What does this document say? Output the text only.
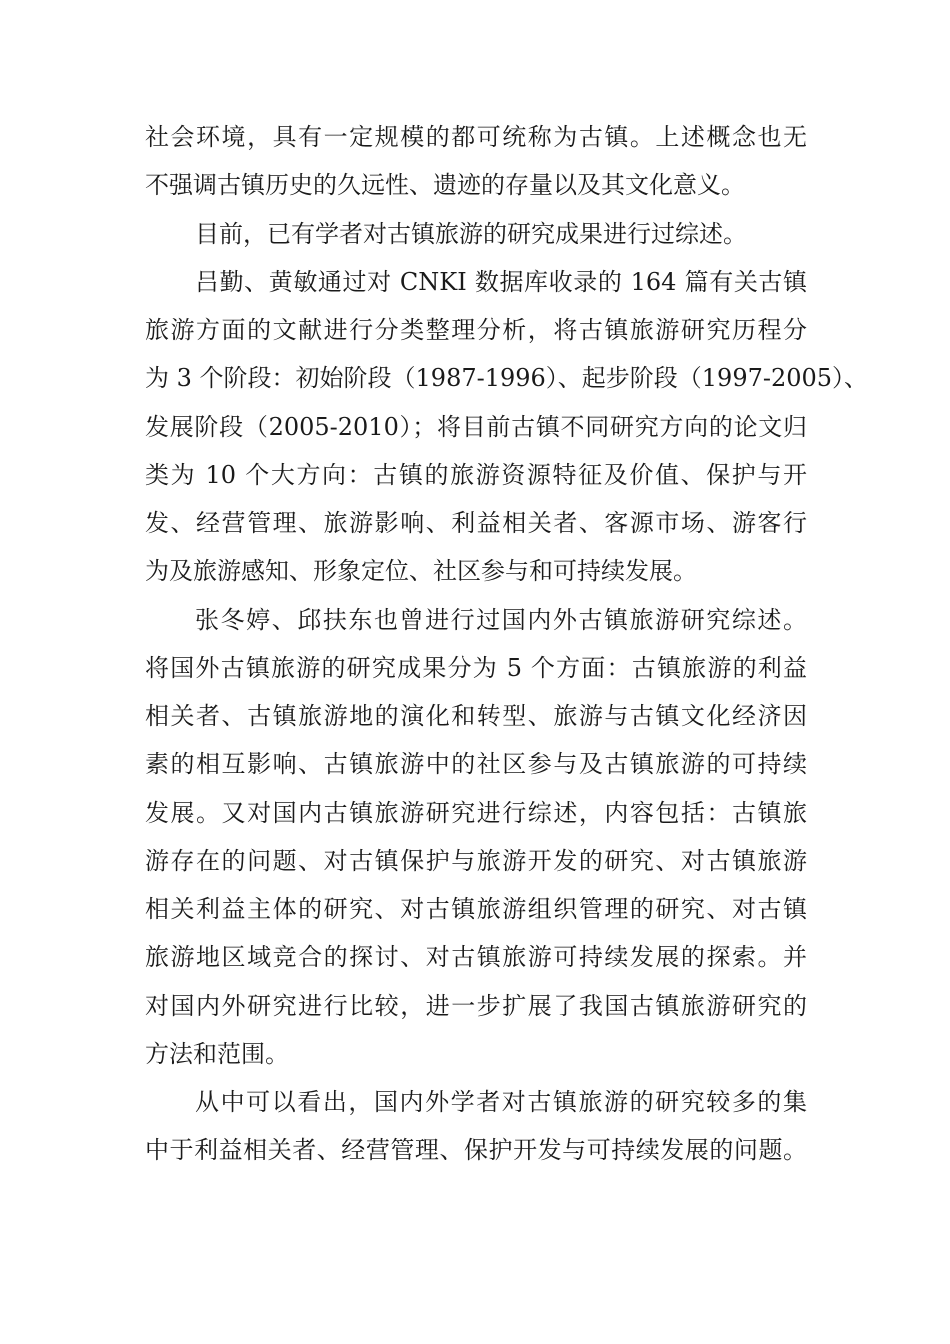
社会环境，具有一定规模的都可统称为古镇。上述概念也无
不强调古镇历史的久远性、遗迹的存量以及其文化意义。
目前，已有学者对古镇旅游的研究成果进行过综述。
吕勤、黄敏通过对 CNKI 数据库收录的 164 篇有关古镇
旅游方面的文献进行分类整理分析，将古镇旅游研究历程分
为 3 个阶段：初始阶段（1987-1996）、起步阶段（1997-2005）、
发展阶段（2005-2010）；将目前古镇不同研究方向的论文归
类为 10 个大方向：古镇的旅游资源特征及价值、保护与开
发、经营管理、旅游影响、利益相关者、客源市场、游客行
为及旅游感知、形象定位、社区参与和可持续发展。
张冬婷、邱扶东也曾进行过国内外古镇旅游研究综述。
将国外古镇旅游的研究成果分为 5 个方面：古镇旅游的利益
相关者、古镇旅游地的演化和转型、旅游与古镇文化经济因
素的相互影响、古镇旅游中的社区参与及古镇旅游的可持续
发展。又对国内古镇旅游研究进行综述，内容包括：古镇旅
游存在的问题、对古镇保护与旅游开发的研究、对古镇旅游
相关利益主体的研究、对古镇旅游组织管理的研究、对古镇
旅游地区域竞合的探讨、对古镇旅游可持续发展的探索。并
对国内外研究进行比较，进一步扩展了我国古镇旅游研究的
方法和范围。
从中可以看出，国内外学者对古镇旅游的研究较多的集
中于利益相关者、经营管理、保护开发与可持续发展的问题。
